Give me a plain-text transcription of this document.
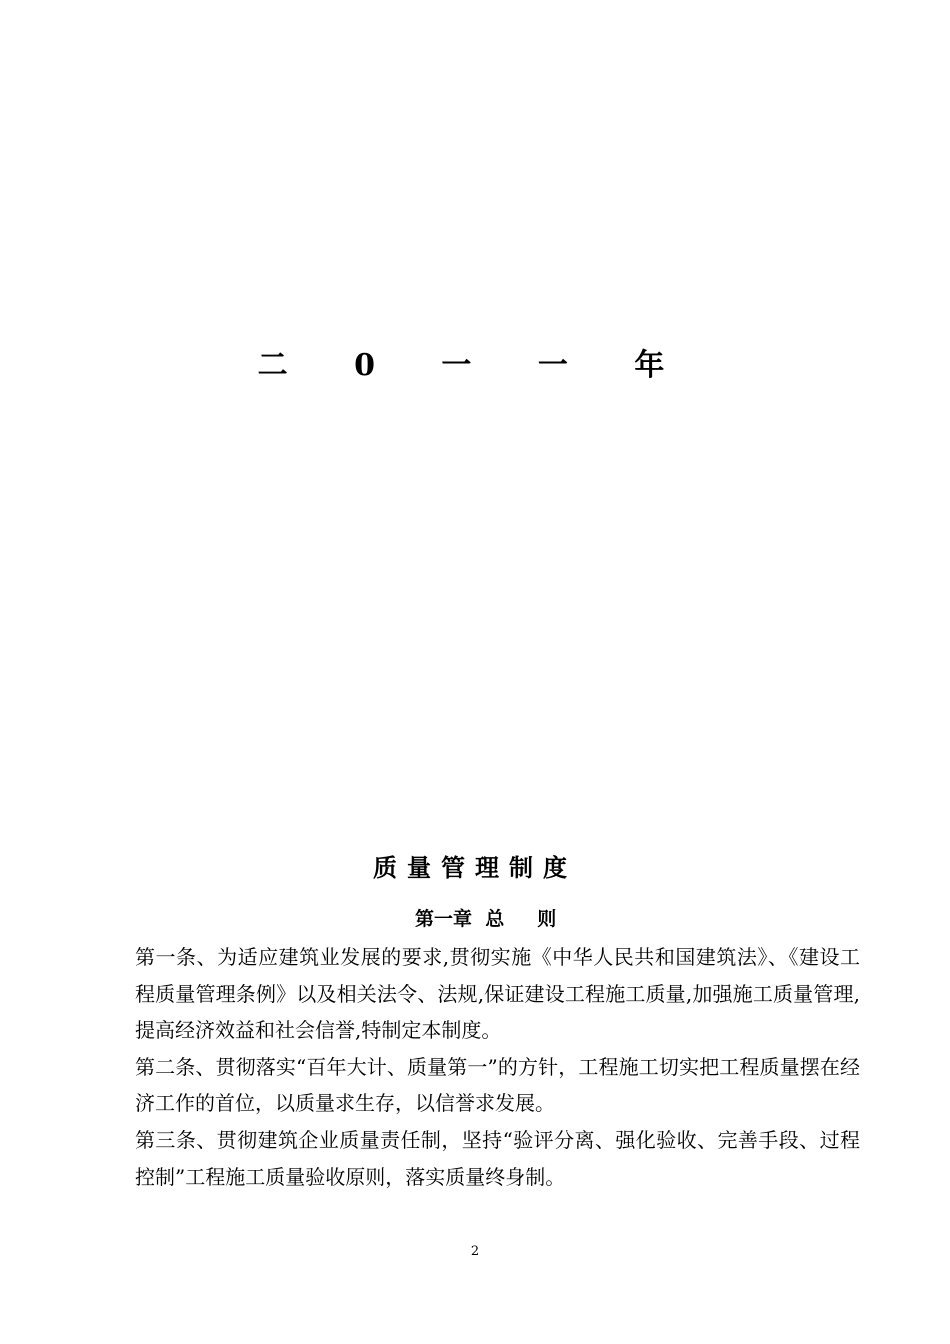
二 0 一 一 年
质量管理制度
第一章  总     则

第一条、为适应建筑业发展的要求,贯彻实施《中华人民共和国建筑法》、《建设工程质量管理条例》以及相关法令、法规,保证建设工程施工质量,加强施工质量管理,提高经济效益和社会信誉,特制定本制度。

第二条、贯彻落实“百年大计、质量第一”的方针，工程施工切实把工程质量摆在经济工作的首位，以质量求生存，以信誉求发展。

第三条、贯彻建筑企业质量责任制，坚持“验评分离、强化验收、完善手段、过程控制”工程施工质量验收原则，落实质量终身制。

2
